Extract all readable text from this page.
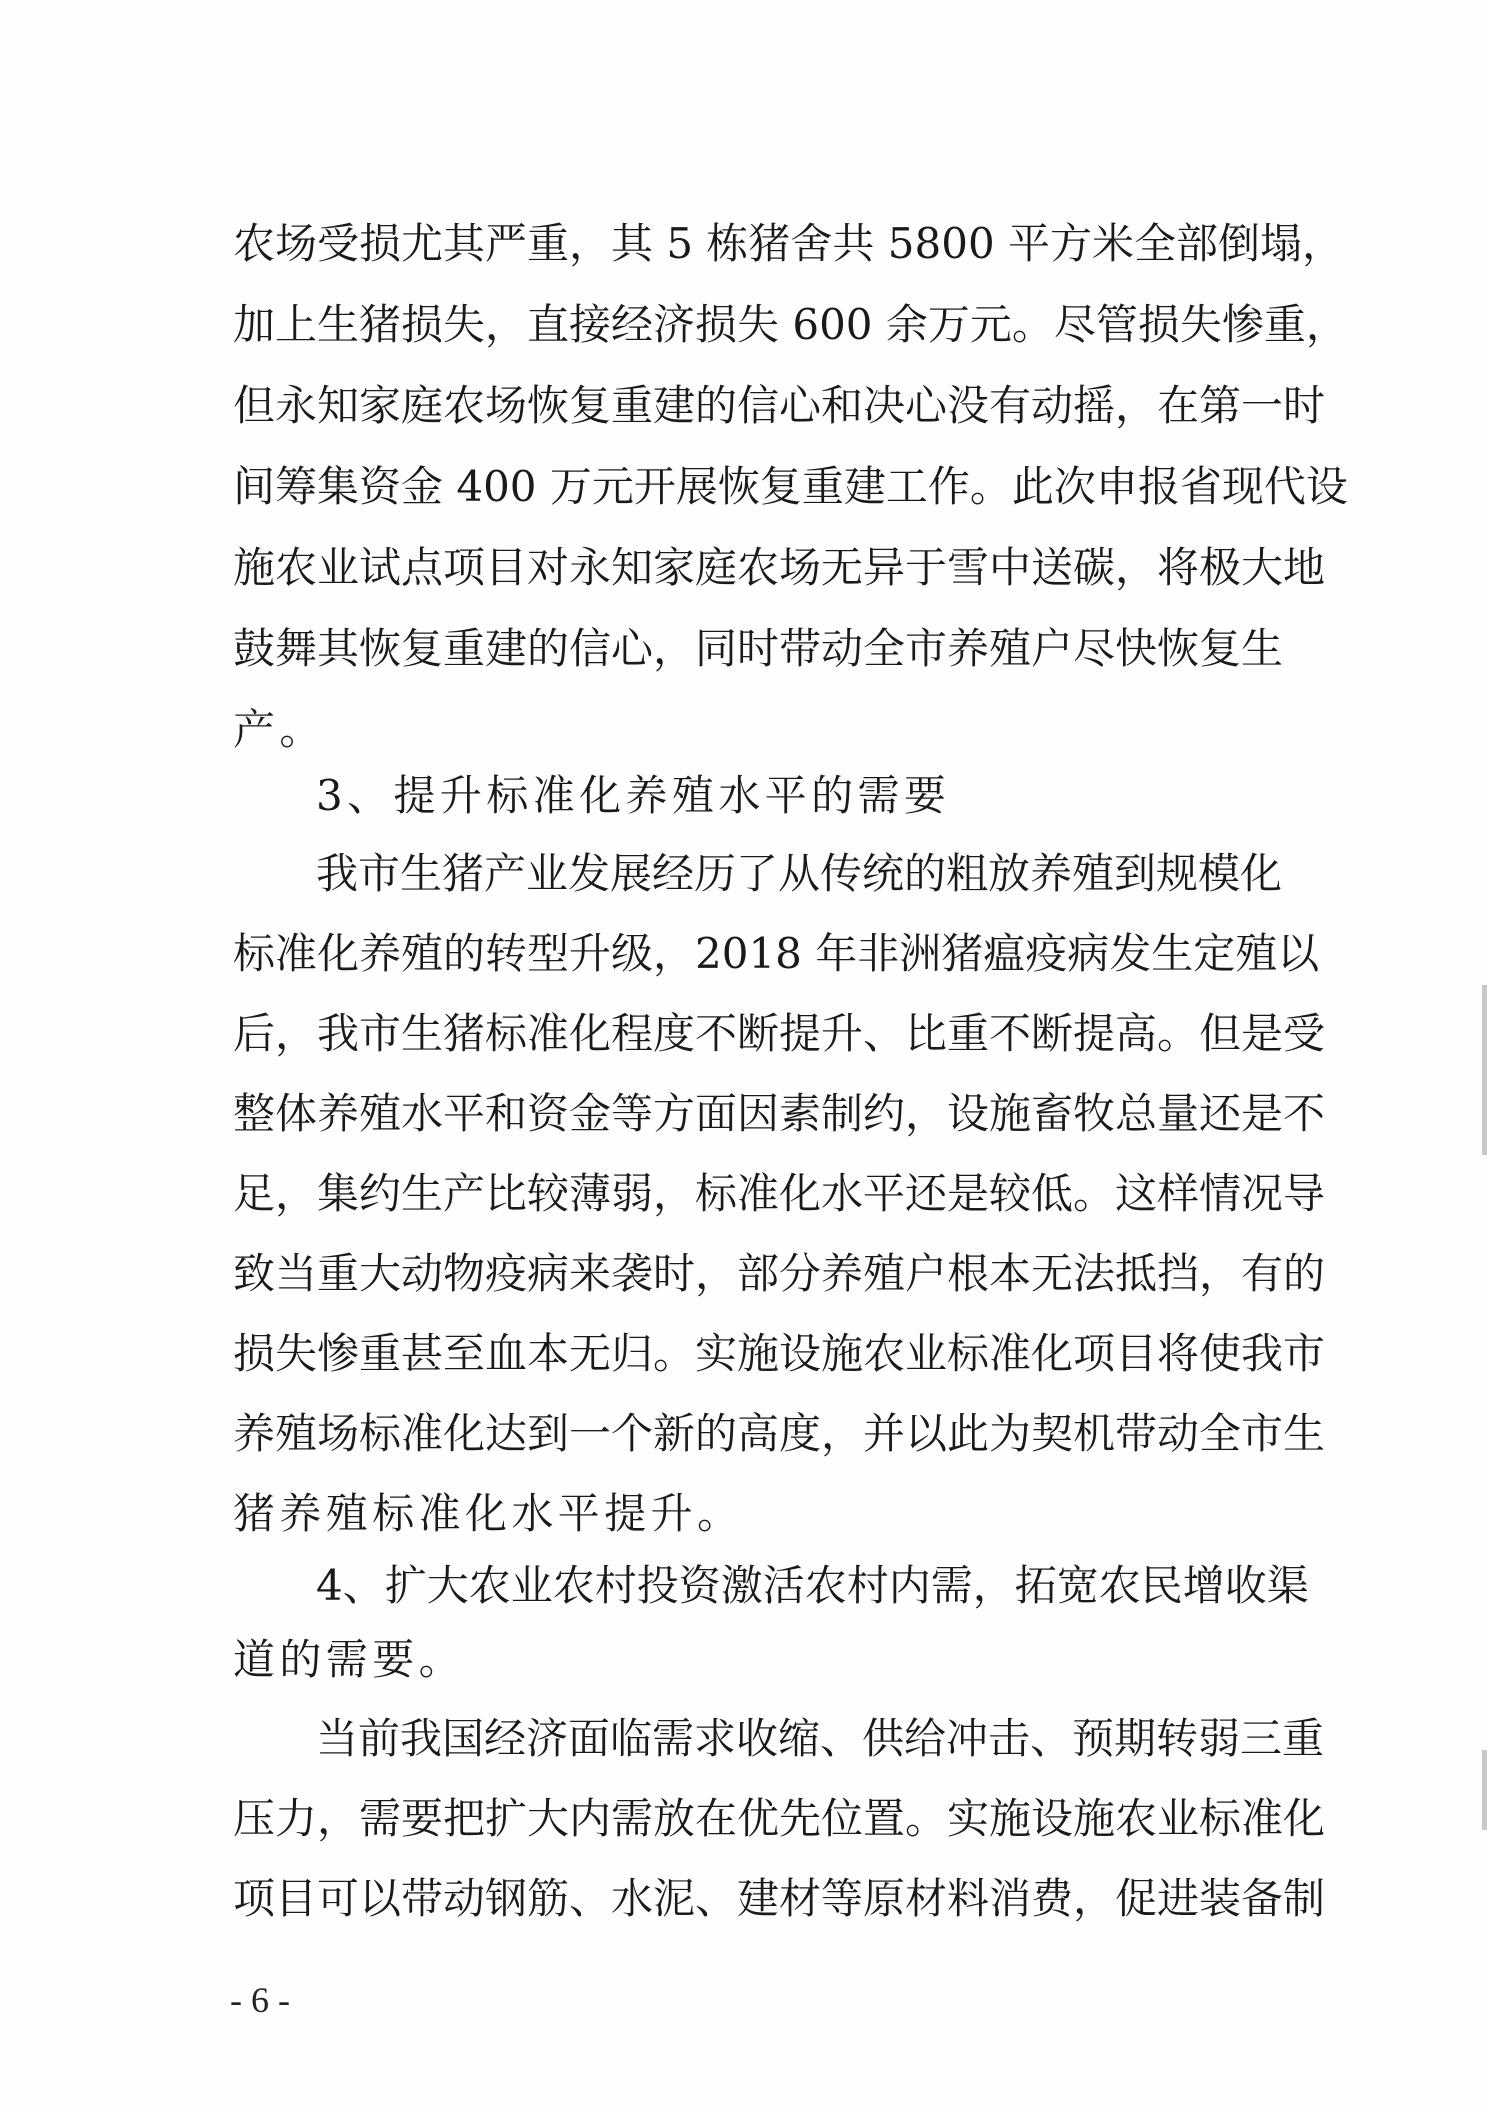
农场受损尤其严重，其 5 栋猪舍共 5800 平方米全部倒塌，
加上生猪损失，直接经济损失 600 余万元。尽管损失惨重，
但永知家庭农场恢复重建的信心和决心没有动摇，在第一时
间筹集资金 400 万元开展恢复重建工作。此次申报省现代设
施农业试点项目对永知家庭农场无异于雪中送碳，将极大地
鼓舞其恢复重建的信心，同时带动全市养殖户尽快恢复生
产。
3、提升标准化养殖水平的需要
我市生猪产业发展经历了从传统的粗放养殖到规模化
标准化养殖的转型升级，2018 年非洲猪瘟疫病发生定殖以
后，我市生猪标准化程度不断提升、比重不断提高。但是受
整体养殖水平和资金等方面因素制约，设施畜牧总量还是不
足，集约生产比较薄弱，标准化水平还是较低。这样情况导
致当重大动物疫病来袭时，部分养殖户根本无法抵挡，有的
损失惨重甚至血本无归。实施设施农业标准化项目将使我市
养殖场标准化达到一个新的高度，并以此为契机带动全市生
猪养殖标准化水平提升。
4、扩大农业农村投资激活农村内需，拓宽农民增收渠
道的需要。
当前我国经济面临需求收缩、供给冲击、预期转弱三重
压力，需要把扩大内需放在优先位置。实施设施农业标准化
项目可以带动钢筋、水泥、建材等原材料消费，促进装备制
- 6 -
